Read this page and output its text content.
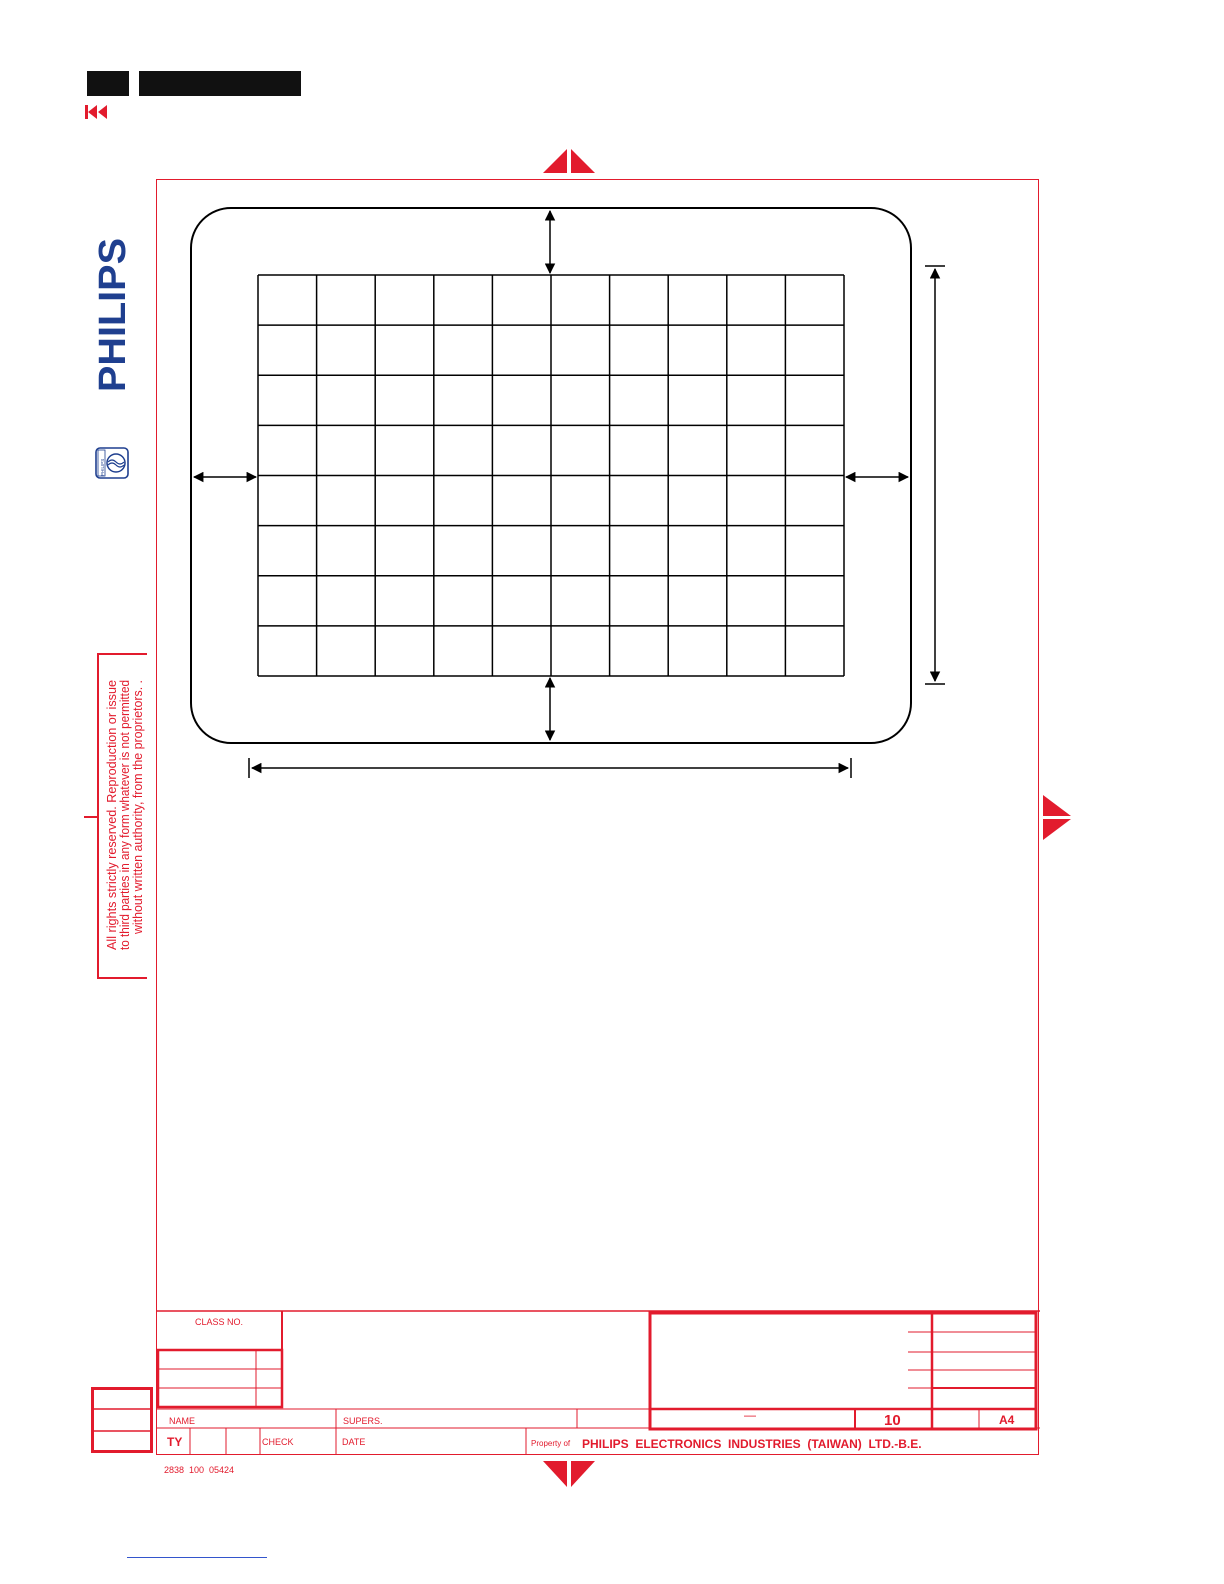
PHILIPS
PHILIPS
All rights strictly reserved. Reproduction or issue
to third parties in any form whatever is not permitted
without written authority, from the proprietors. .
CLASS NO.
NAME	SUPERS.
TY	CHECK	DATE	Property of PHILIPS  ELECTRONICS  INDUSTRIES  (TAIWAN)  LTD.-B.E.
—	10	A4
2838  100  05424
